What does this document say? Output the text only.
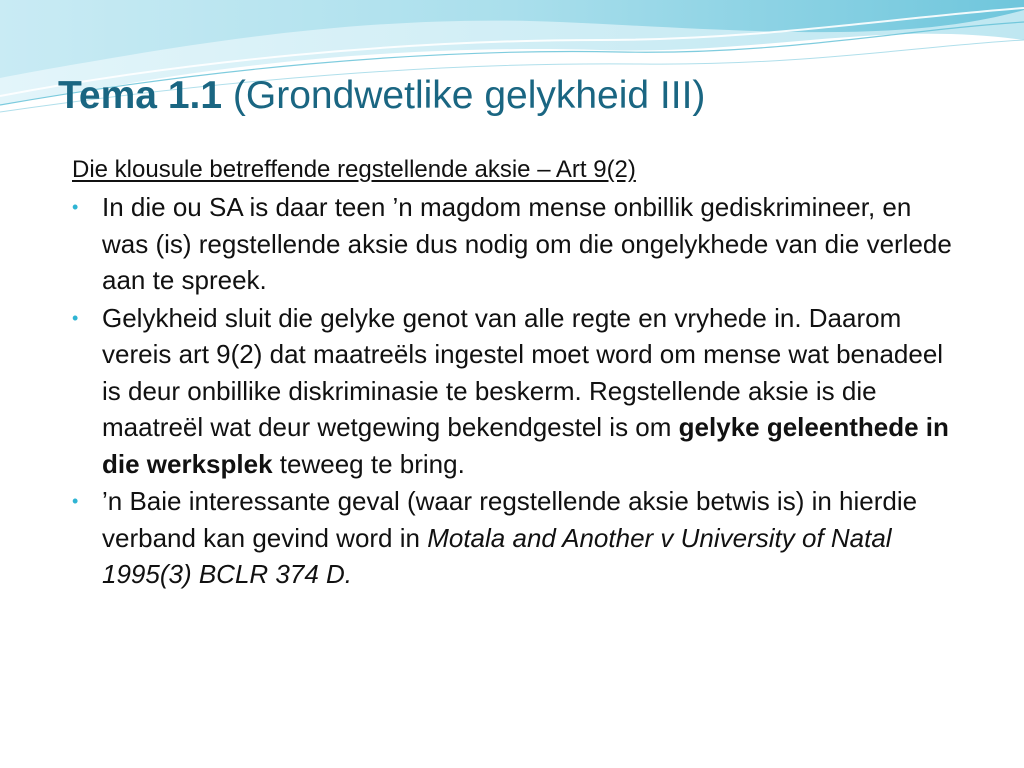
Tema 1.1 (Grondwetlike gelykheid III)
Die klousule betreffende regstellende aksie – Art 9(2)
• In die ou SA is daar teen ’n magdom mense onbillik gediskrimineer, en was (is) regstellende aksie dus nodig om die ongelykhede van die verlede aan te spreek.
• Gelykheid sluit die gelyke genot van alle regte en vryhede in. Daarom vereis art 9(2) dat maatreëls ingestel moet word om mense wat benadeel is deur onbillike diskriminasie te beskerm. Regstellende aksie is die maatreël wat deur wetgewing bekendgestel is om gelyke geleenthede in die werksplek teweeg te bring.
• ’n Baie interessante geval (waar regstellende aksie betwis is) in hierdie verband kan gevind word in Motala and Another v University of Natal 1995(3) BCLR 374 D.
